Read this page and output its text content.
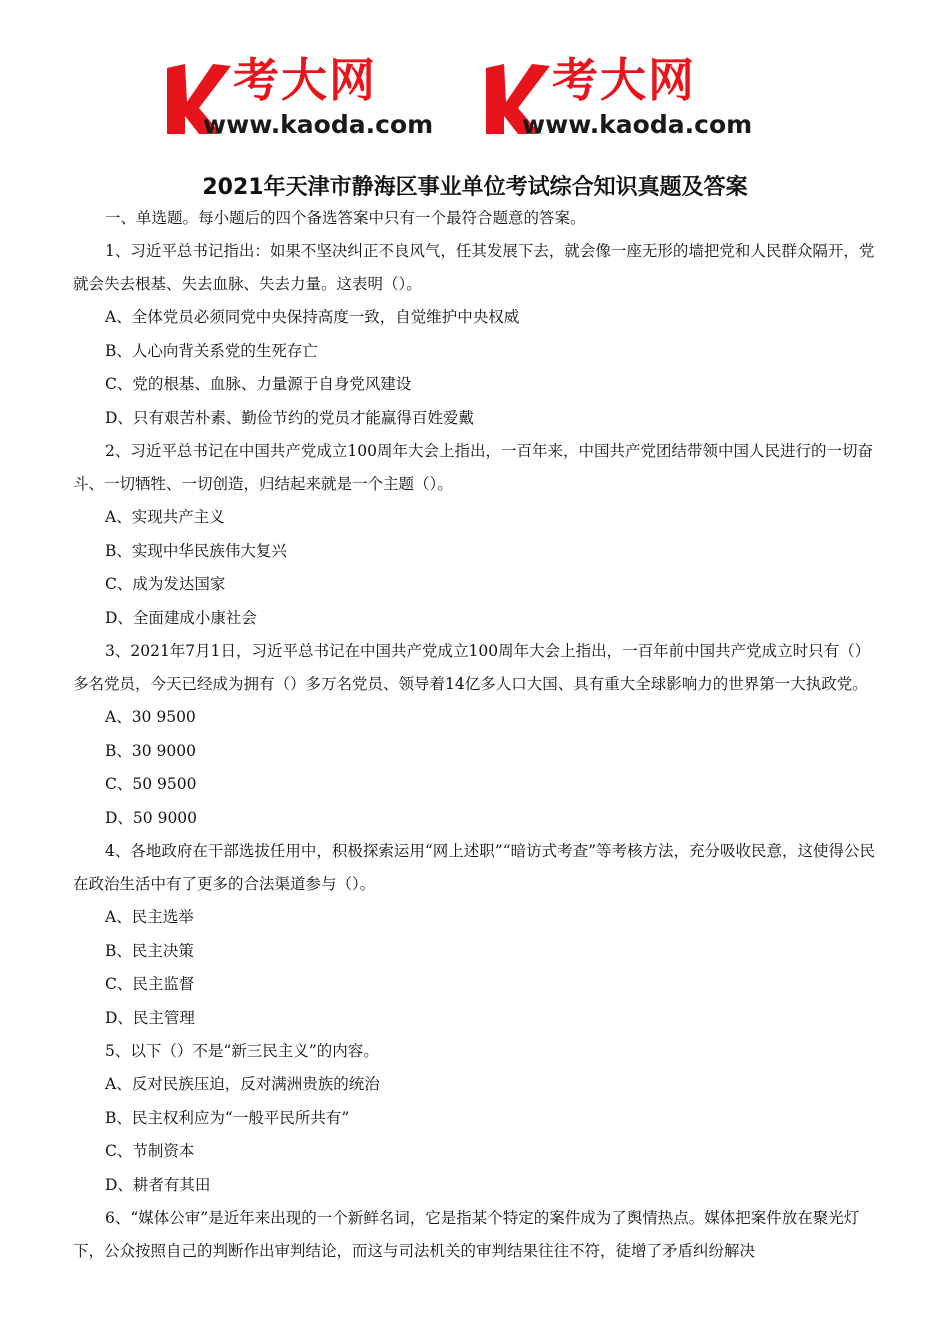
考大网
www.kaoda.com
考大网
www.kaoda.com
2021年天津市静海区事业单位考试综合知识真题及答案

一、单选题。每小题后的四个备选答案中只有一个最符合题意的答案。

1、习近平总书记指出：如果不坚决纠正不良风气，任其发展下去，就会像一座无形的墙把党和人民群众隔开，党就会失去根基、失去血脉、失去力量。这表明（）。

A、全体党员必须同党中央保持高度一致，自觉维护中央权威

B、人心向背关系党的生死存亡

C、党的根基、血脉、力量源于自身党风建设

D、只有艰苦朴素、勤俭节约的党员才能赢得百姓爱戴

2、习近平总书记在中国共产党成立100周年大会上指出，一百年来，中国共产党团结带领中国人民进行的一切奋斗、一切牺牲、一切创造，归结起来就是一个主题（）。

A、实现共产主义

B、实现中华民族伟大复兴

C、成为发达国家

D、全面建成小康社会

3、2021年7月1日，习近平总书记在中国共产党成立100周年大会上指出，一百年前中国共产党成立时只有（）多名党员，今天已经成为拥有（）多万名党员、领导着14亿多人口大国、具有重大全球影响力的世界第一大执政党。

A、30 9500

B、30 9000

C、50 9500

D、50 9000

4、各地政府在干部选拔任用中，积极探索运用“网上述职”“暗访式考查”等考核方法，充分吸收民意，这使得公民在政治生活中有了更多的合法渠道参与（）。

A、民主选举

B、民主决策

C、民主监督

D、民主管理

5、以下（）不是“新三民主义”的内容。

A、反对民族压迫，反对满洲贵族的统治

B、民主权利应为“一般平民所共有”

C、节制资本

D、耕者有其田

6、“媒体公审”是近年来出现的一个新鲜名词，它是指某个特定的案件成为了舆情热点。媒体把案件放在聚光灯下，公众按照自己的判断作出审判结论，而这与司法机关的审判结果往往不符，徒增了矛盾纠纷解决
